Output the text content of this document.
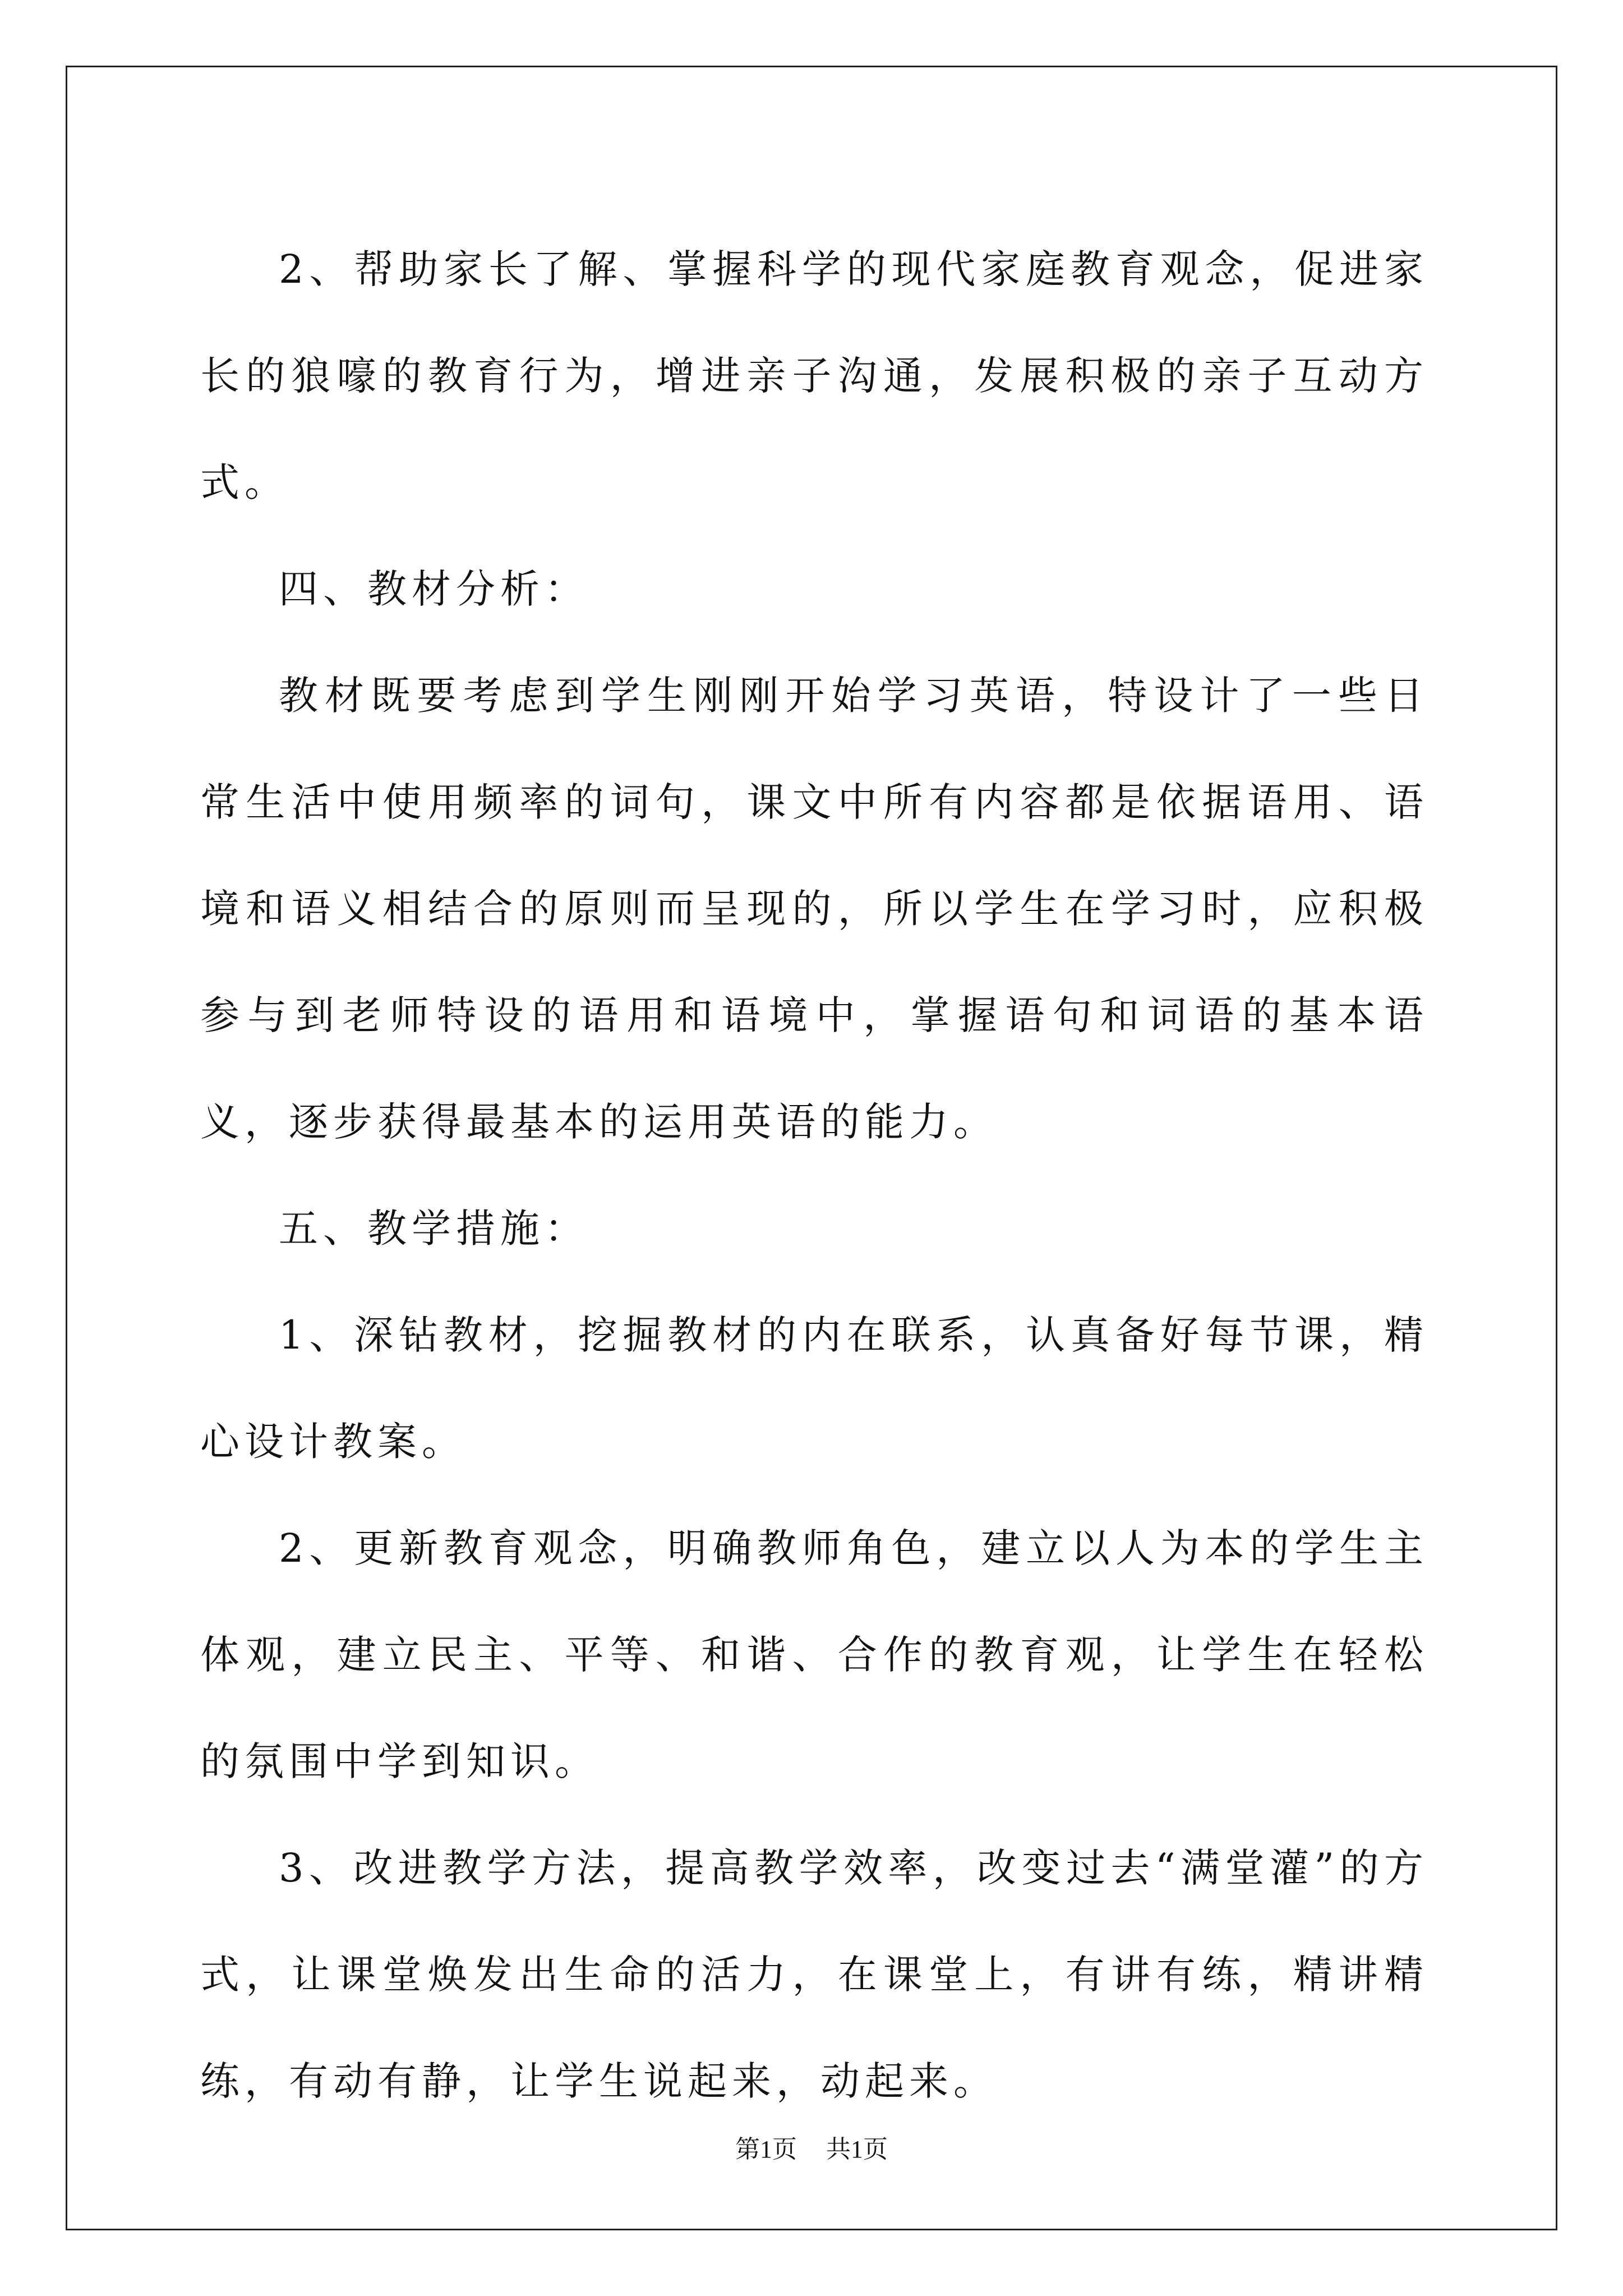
2、帮助家长了解、掌握科学的现代家庭教育观念，促进家长的狼嚎的教育行为，增进亲子沟通，发展积极的亲子互动方式。

四、教材分析：

教材既要考虑到学生刚刚开始学习英语，特设计了一些日常生活中使用频率的词句，课文中所有内容都是依据语用、语境和语义相结合的原则而呈现的，所以学生在学习时，应积极参与到老师特设的语用和语境中，掌握语句和词语的基本语义，逐步获得最基本的运用英语的能力。

五、教学措施：

1、深钻教材，挖掘教材的内在联系，认真备好每节课，精心设计教案。

2、更新教育观念，明确教师角色，建立以人为本的学生主体观，建立民主、平等、和谐、合作的教育观，让学生在轻松的氛围中学到知识。

3、改进教学方法，提高教学效率，改变过去“满堂灌”的方式，让课堂焕发出生命的活力，在课堂上，有讲有练，精讲精练，有动有静，让学生说起来，动起来。

第1页 共1页
